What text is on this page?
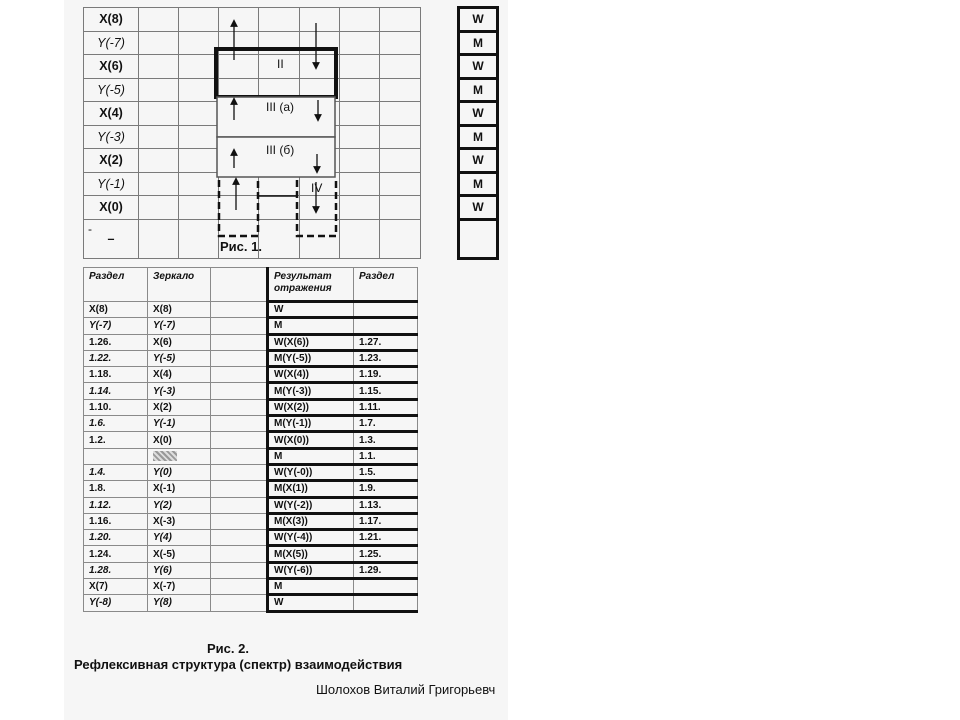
X(8)									W
Y(-7)									M
X(6)									W
Y(-5)									M
X(4)									W
Y(-3)									M
X(2)									W
Y(-1)									M
X(0)									W
–									
II
III (а)
III (б)
IV
-
Рис. 1.
Раздел	Зеркало		Результат отражения	Раздел
X(8)	X(8)		W	
Y(-7)	Y(-7)		M	
1.26.	X(6)		W(X(6))	1.27.
1.22.	Y(-5)		M(Y(-5))	1.23.
1.18.	X(4)		W(X(4))	1.19.
1.14.	Y(-3)		M(Y(-3))	1.15.
1.10.	X(2)		W(X(2))	1.11.
1.6.	Y(-1)		M(Y(-1))	1.7.
1.2.	X(0)		W(X(0))	1.3.
			M	1.1.
1.4.	Y(0)		W(Y(-0))	1.5.
1.8.	X(-1)		M(X(1))	1.9.
1.12.	Y(2)		W(Y(-2))	1.13.
1.16.	X(-3)		M(X(3))	1.17.
1.20.	Y(4)		W(Y(-4))	1.21.
1.24.	X(-5)		M(X(5))	1.25.
1.28.	Y(6)		W(Y(-6))	1.29.
X(7)	X(-7)		M	
Y(-8)	Y(8)		W	
Рис. 2.
Рефлексивная структура (спектр) взаимодействия
Шолохов Виталий Григорьевч
